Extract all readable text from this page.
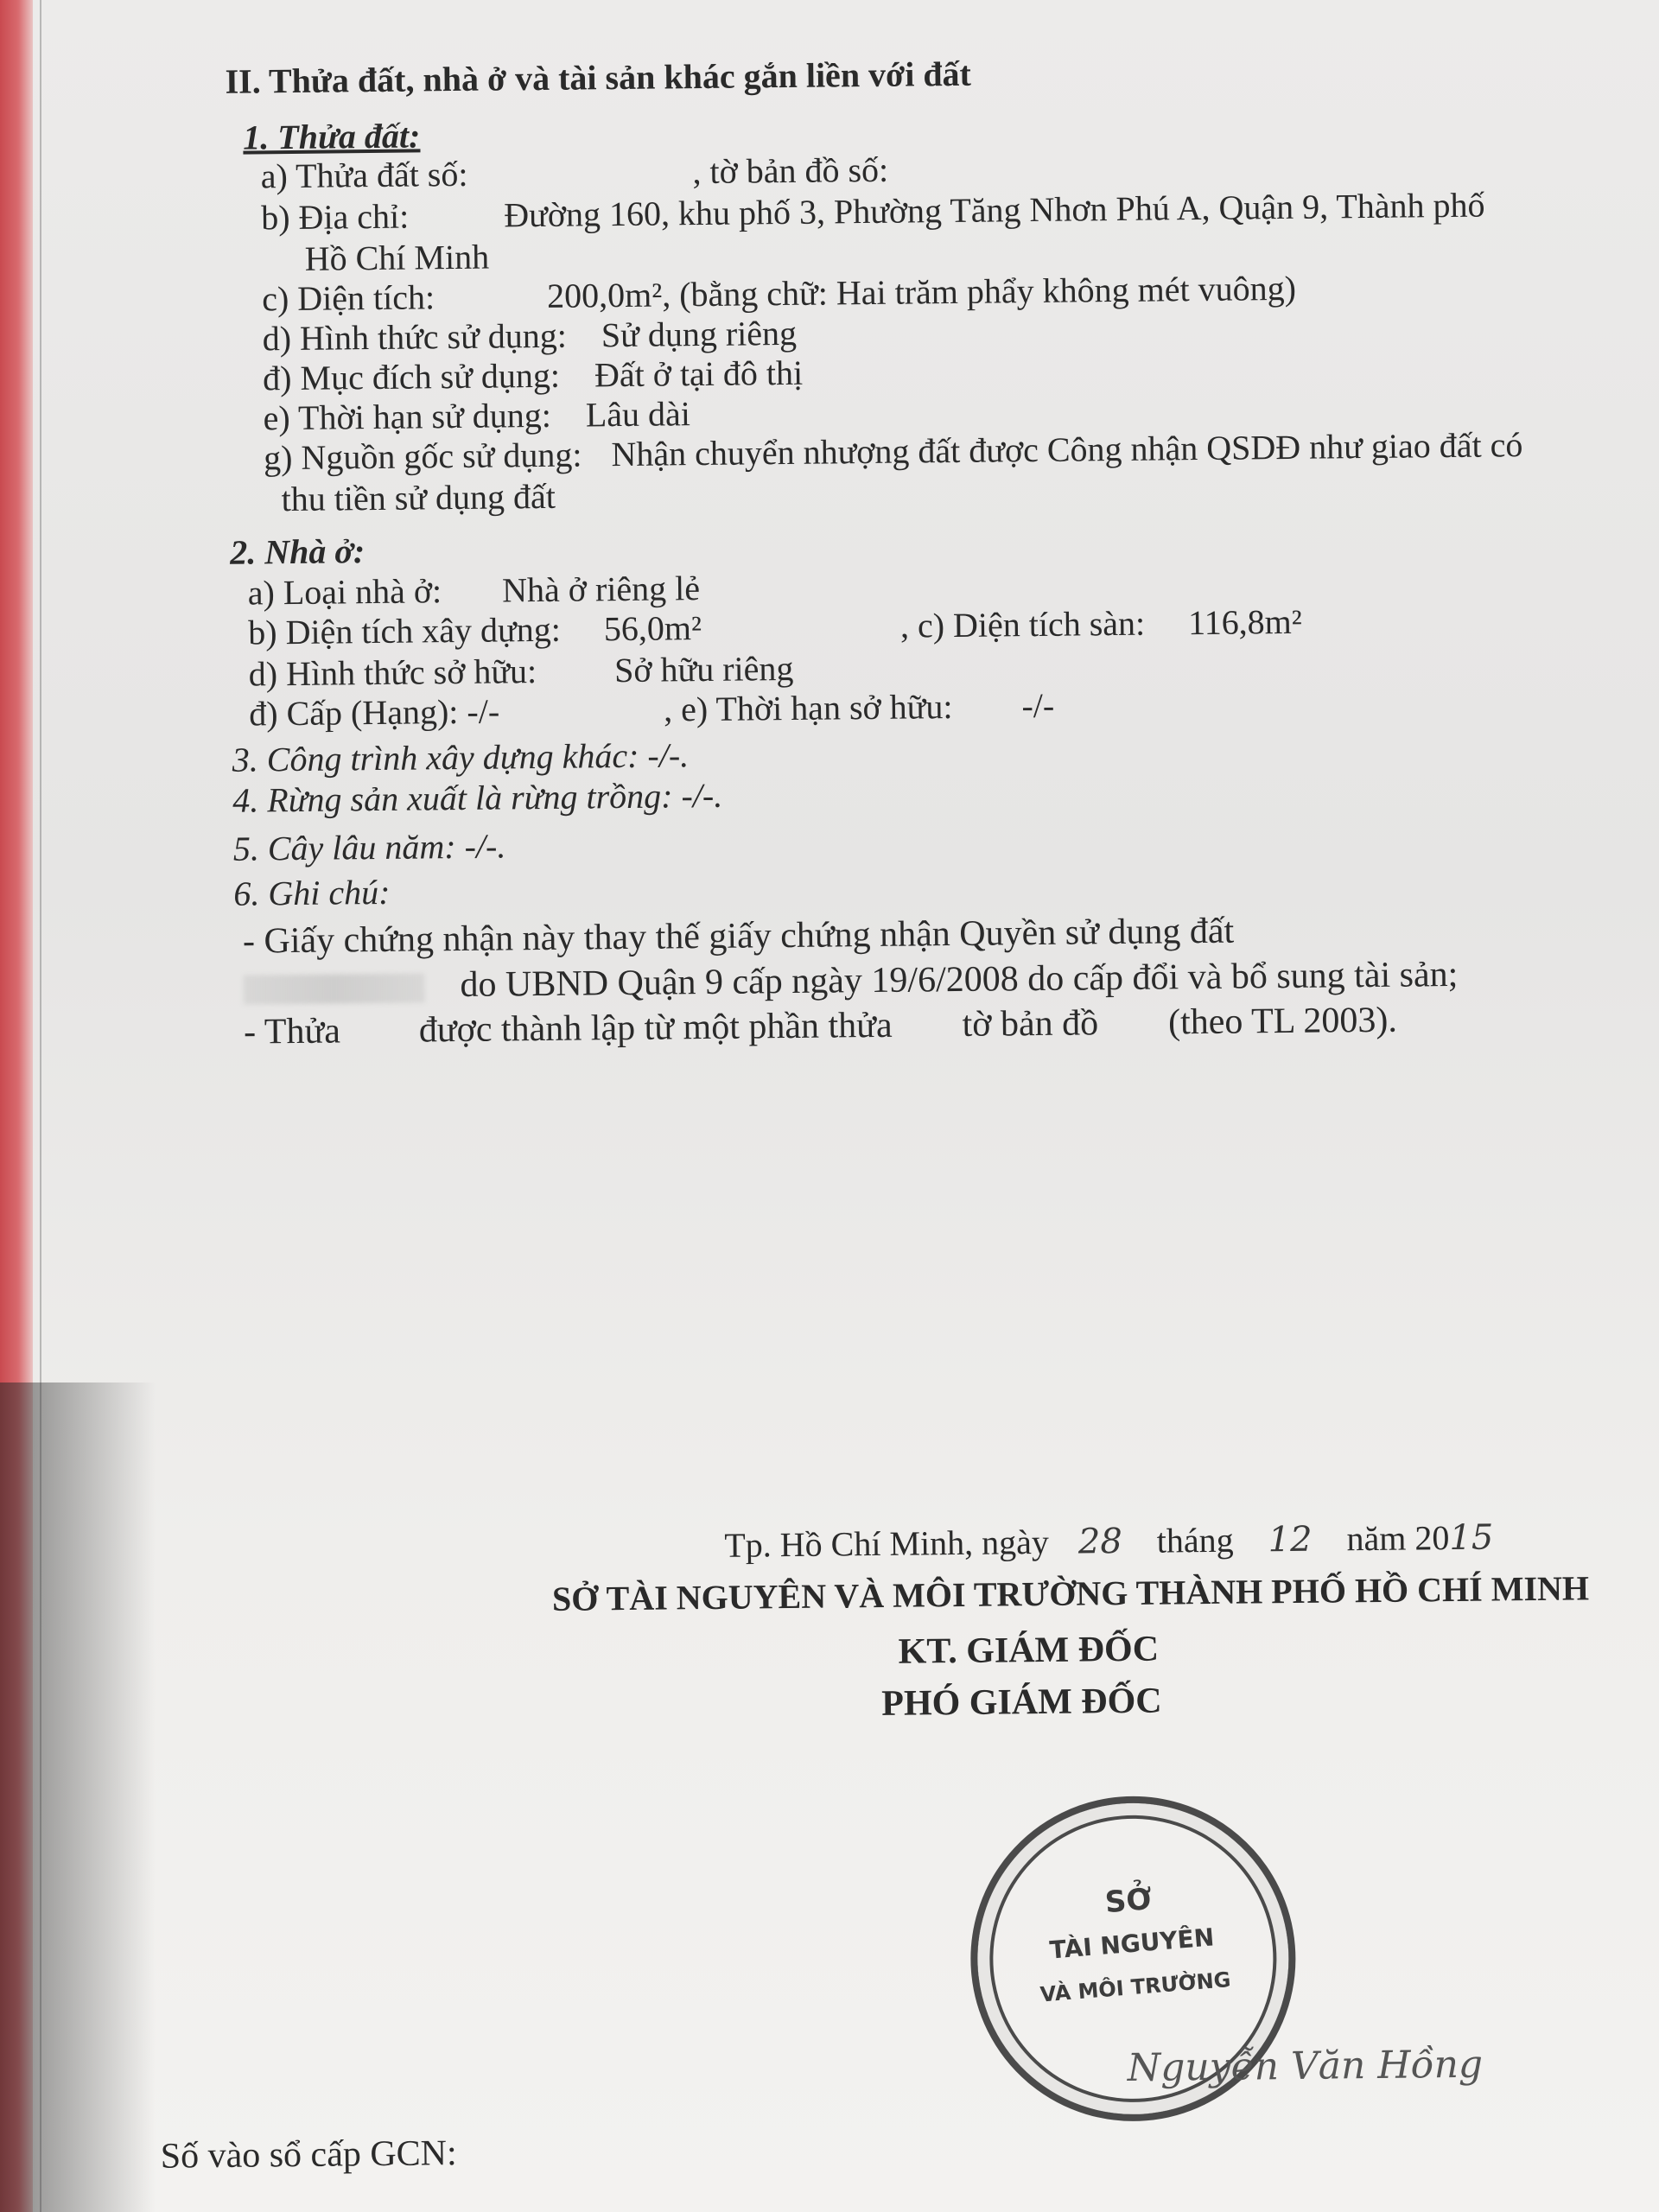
II. Thửa đất, nhà ở và tài sản khác gắn liền với đất
1. Thửa đất:
a) Thửa đất số:	, tờ bản đồ số:
b) Địa chỉ:	Đường 160, khu phố 3, Phường Tăng Nhơn Phú A, Quận 9, Thành phố
Hồ Chí Minh
c) Diện tích:	200,0m², (bằng chữ: Hai trăm phẩy không mét vuông)
d) Hình thức sử dụng: Sử dụng riêng
đ) Mục đích sử dụng: Đất ở tại đô thị
e) Thời hạn sử dụng: Lâu dài
g) Nguồn gốc sử dụng: Nhận chuyển nhượng đất được Công nhận QSDĐ như giao đất có
thu tiền sử dụng đất
2. Nhà ở:
a) Loại nhà ở: Nhà ở riêng lẻ
b) Diện tích xây dựng: 56,0m²	, c) Diện tích sàn: 116,8m²
d) Hình thức sở hữu: Sở hữu riêng
đ) Cấp (Hạng): -/-	, e) Thời hạn sở hữu: -/-
3. Công trình xây dựng khác: -/-.
4. Rừng sản xuất là rừng trồng: -/-.
5. Cây lâu năm: -/-.
6. Ghi chú:
- Giấy chứng nhận này thay thế giấy chứng nhận Quyền sử dụng đất
do UBND Quận 9 cấp ngày 19/6/2008 do cấp đổi và bổ sung tài sản;
- Thửa được thành lập từ một phần thửa tờ bản đồ (theo TL 2003).
Tp. Hồ Chí Minh, ngày 28 tháng 12 năm 2015
SỞ TÀI NGUYÊN VÀ MÔI TRƯỜNG THÀNH PHỐ HỒ CHÍ MINH
KT. GIÁM ĐỐC
PHÓ GIÁM ĐỐC
SỞ
TÀI NGUYÊN
VÀ MÔI TRƯỜNG
Nguyễn Văn Hồng
Số vào sổ cấp GCN:
